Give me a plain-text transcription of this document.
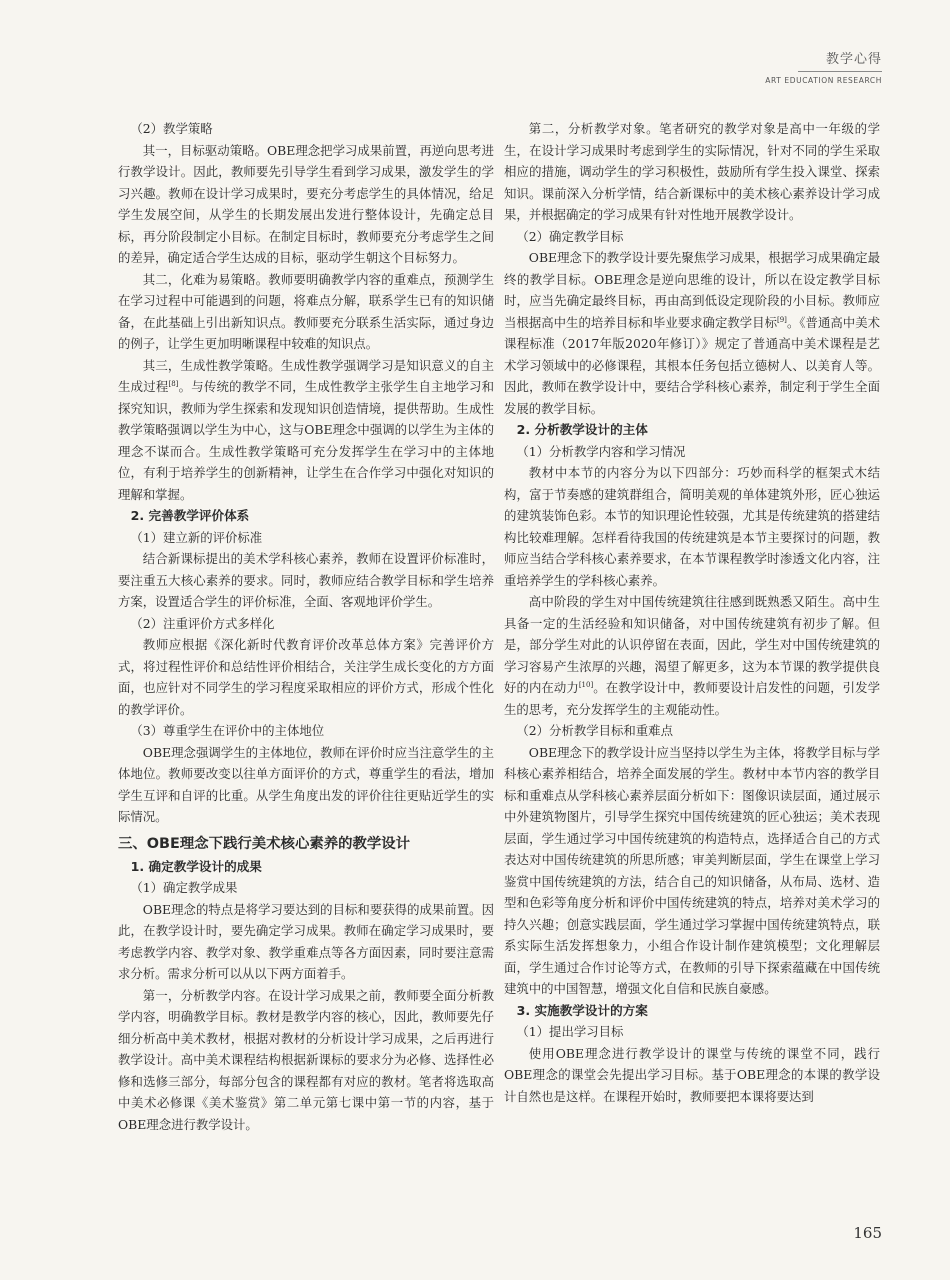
教学心得
ART EDUCATION RESEARCH

（2）教学策略

其一，目标驱动策略。OBE理念把学习成果前置，再逆向思考进行教学设计。因此，教师要先引导学生看到学习成果，激发学生的学习兴趣。教师在设计学习成果时，要充分考虑学生的具体情况，给足学生发展空间，从学生的长期发展出发进行整体设计，先确定总目标，再分阶段制定小目标。在制定目标时，教师要充分考虑学生之间的差异，确定适合学生达成的目标，驱动学生朝这个目标努力。

其二，化难为易策略。教师要明确教学内容的重难点，预测学生在学习过程中可能遇到的问题，将难点分解，联系学生已有的知识储备，在此基础上引出新知识点。教师要充分联系生活实际，通过身边的例子，让学生更加明晰课程中较难的知识点。

其三，生成性教学策略。生成性教学强调学习是知识意义的自主生成过程[8]。与传统的教学不同，生成性教学主张学生自主地学习和探究知识，教师为学生探索和发现知识创造情境，提供帮助。生成性教学策略强调以学生为中心，这与OBE理念中强调的以学生为主体的理念不谋而合。生成性教学策略可充分发挥学生在学习中的主体地位，有利于培养学生的创新精神，让学生在合作学习中强化对知识的理解和掌握。

2. 完善教学评价体系

（1）建立新的评价标准

结合新课标提出的美术学科核心素养，教师在设置评价标准时，要注重五大核心素养的要求。同时，教师应结合教学目标和学生培养方案，设置适合学生的评价标准，全面、客观地评价学生。

（2）注重评价方式多样化

教师应根据《深化新时代教育评价改革总体方案》完善评价方式，将过程性评价和总结性评价相结合，关注学生成长变化的方方面面，也应针对不同学生的学习程度采取相应的评价方式，形成个性化的教学评价。

（3）尊重学生在评价中的主体地位

OBE理念强调学生的主体地位，教师在评价时应当注意学生的主体地位。教师要改变以往单方面评价的方式，尊重学生的看法，增加学生互评和自评的比重。从学生角度出发的评价往往更贴近学生的实际情况。

三、OBE理念下践行美术核心素养的教学设计
1. 确定教学设计的成果

（1）确定教学成果

OBE理念的特点是将学习要达到的目标和要获得的成果前置。因此，在教学设计时，要先确定学习成果。教师在确定学习成果时，要考虑教学内容、教学对象、教学重难点等各方面因素，同时要注意需求分析。需求分析可以从以下两方面着手。

第一，分析教学内容。在设计学习成果之前，教师要全面分析教学内容，明确教学目标。教材是教学内容的核心，因此，教师要先仔细分析高中美术教材，根据对教材的分析设计学习成果，之后再进行教学设计。高中美术课程结构根据新课标的要求分为必修、选择性必修和选修三部分，每部分包含的课程都有对应的教材。笔者将选取高中美术必修课《美术鉴赏》第二单元第七课中第一节的内容，基于OBE理念进行教学设计。

第二，分析教学对象。笔者研究的教学对象是高中一年级的学生，在设计学习成果时考虑到学生的实际情况，针对不同的学生采取相应的措施，调动学生的学习积极性，鼓励所有学生投入课堂、探索知识。课前深入分析学情，结合新课标中的美术核心素养设计学习成果，并根据确定的学习成果有针对性地开展教学设计。

（2）确定教学目标

OBE理念下的教学设计要先聚焦学习成果，根据学习成果确定最终的教学目标。OBE理念是逆向思维的设计，所以在设定教学目标时，应当先确定最终目标，再由高到低设定现阶段的小目标。教师应当根据高中生的培养目标和毕业要求确定教学目标[9]。《普通高中美术课程标准（2017年版2020年修订）》规定了普通高中美术课程是艺术学习领域中的必修课程，其根本任务包括立德树人、以美育人等。因此，教师在教学设计中，要结合学科核心素养，制定利于学生全面发展的教学目标。

2. 分析教学设计的主体

（1）分析教学内容和学习情况

教材中本节的内容分为以下四部分：巧妙而科学的框架式木结构，富于节奏感的建筑群组合，简明美观的单体建筑外形，匠心独运的建筑装饰色彩。本节的知识理论性较强，尤其是传统建筑的搭建结构比较难理解。怎样看待我国的传统建筑是本节主要探讨的问题，教师应当结合学科核心素养要求，在本节课程教学时渗透文化内容，注重培养学生的学科核心素养。

高中阶段的学生对中国传统建筑往往感到既熟悉又陌生。高中生具备一定的生活经验和知识储备，对中国传统建筑有初步了解。但是，部分学生对此的认识停留在表面，因此，学生对中国传统建筑的学习容易产生浓厚的兴趣，渴望了解更多，这为本节课的教学提供良好的内在动力[10]。在教学设计中，教师要设计启发性的问题，引发学生的思考，充分发挥学生的主观能动性。

（2）分析教学目标和重难点

OBE理念下的教学设计应当坚持以学生为主体，将教学目标与学科核心素养相结合，培养全面发展的学生。教材中本节内容的教学目标和重难点从学科核心素养层面分析如下：图像识读层面，通过展示中外建筑物图片，引导学生探究中国传统建筑的匠心独运；美术表现层面，学生通过学习中国传统建筑的构造特点，选择适合自己的方式表达对中国传统建筑的所思所感；审美判断层面，学生在课堂上学习鉴赏中国传统建筑的方法，结合自己的知识储备，从布局、选材、造型和色彩等角度分析和评价中国传统建筑的特点，培养对美术学习的持久兴趣；创意实践层面，学生通过学习掌握中国传统建筑特点，联系实际生活发挥想象力，小组合作设计制作建筑模型；文化理解层面，学生通过合作讨论等方式，在教师的引导下探索蕴藏在中国传统建筑中的中国智慧，增强文化自信和民族自豪感。

3. 实施教学设计的方案

（1）提出学习目标

使用OBE理念进行教学设计的课堂与传统的课堂不同，践行OBE理念的课堂会先提出学习目标。基于OBE理念的本课的教学设计自然也是这样。在课程开始时，教师要把本课将要达到

165
